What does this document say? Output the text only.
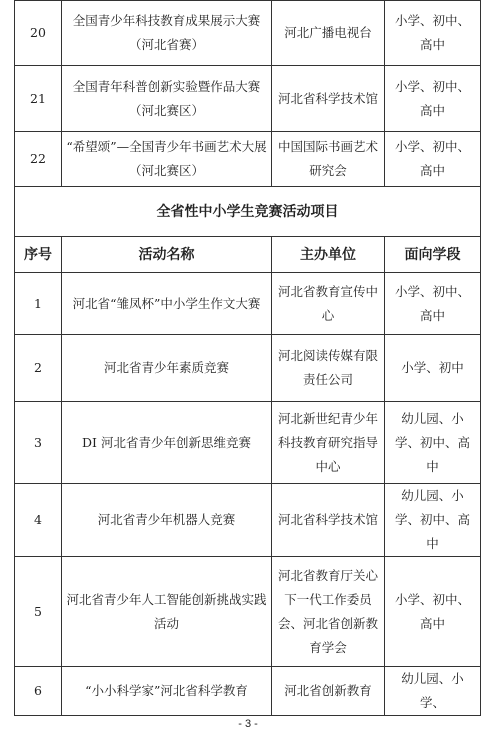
20	全国青少年科技教育成果展示大赛（河北省赛）	河北广播电视台	小学、初中、高中
21	全国青年科普创新实验暨作品大赛（河北赛区）	河北省科学技术馆	小学、初中、高中
22	“希望颂”—全国青少年书画艺术大展（河北赛区）	中国国际书画艺术研究会	小学、初中、高中
全省性中小学生竞赛活动项目			
序号	活动名称	主办单位	面向学段
1	河北省“雏凤杯”中小学生作文大赛	河北省教育宣传中心	小学、初中、高中
2	河北省青少年素质竞赛	河北阅读传媒有限责任公司	小学、初中
3	DI 河北省青少年创新思维竞赛	河北新世纪青少年科技教育研究指导中心	幼儿园、小学、初中、高中
4	河北省青少年机器人竞赛	河北省科学技术馆	幼儿园、小学、初中、高中
5	河北省青少年人工智能创新挑战实践活动	河北省教育厅关心下一代工作委员会、河北省创新教育学会	小学、初中、高中
6	“小小科学家”河北省科学教育	河北省创新教育	幼儿园、小学、
- 3 -
